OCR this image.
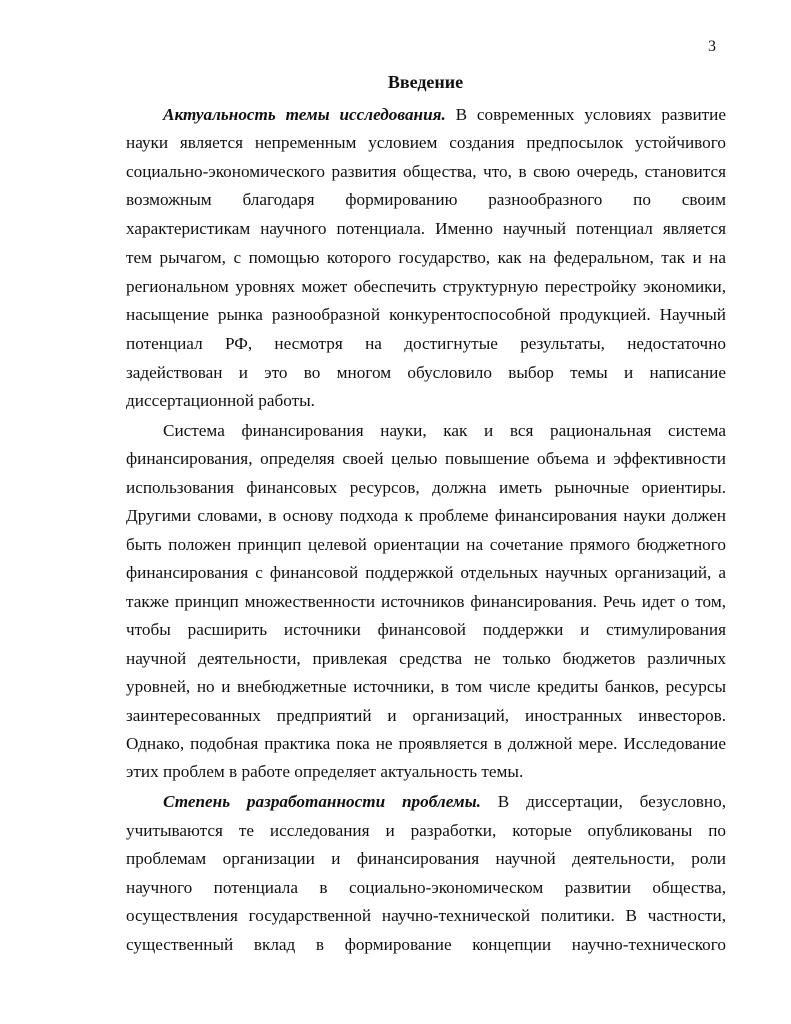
3
Введение
Актуальность темы исследования. В современных условиях развитие
науки является непременным условием создания предпосылок устойчивого
социально-экономического развития общества, что, в свою очередь, становится
возможным благодаря формированию разнообразного по своим
характеристикам научного потенциала. Именно научный потенциал является
тем рычагом, с помощью которого государство, как на федеральном, так и на
региональном уровнях может обеспечить структурную перестройку экономики,
насыщение рынка разнообразной конкурентоспособной продукцией. Научный
потенциал РФ, несмотря на достигнутые результаты, недостаточно
задействован и это во многом обусловило выбор темы и написание
диссертационной работы.
Система финансирования науки, как и вся рациональная система
финансирования, определяя своей целью повышение объема и эффективности
использования финансовых ресурсов, должна иметь рыночные ориентиры.
Другими словами, в основу подхода к проблеме финансирования науки должен
быть положен принцип целевой ориентации на сочетание прямого бюджетного
финансирования с финансовой поддержкой отдельных научных организаций, а
также принцип множественности источников финансирования. Речь идет о том,
чтобы расширить источники финансовой поддержки и стимулирования
научной деятельности, привлекая средства не только бюджетов различных
уровней, но и внебюджетные источники, в том числе кредиты банков, ресурсы
заинтересованных предприятий и организаций, иностранных инвесторов.
Однако, подобная практика пока не проявляется в должной мере. Исследование
этих проблем в работе определяет актуальность темы.
Степень разработанности проблемы. В диссертации, безусловно,
учитываются те исследования и разработки, которые опубликованы по
проблемам организации и финансирования научной деятельности, роли
научного потенциала в социально-экономическом развитии общества,
осуществления государственной научно-технической политики. В частности,
существенный вклад в формирование концепции научно-технического
